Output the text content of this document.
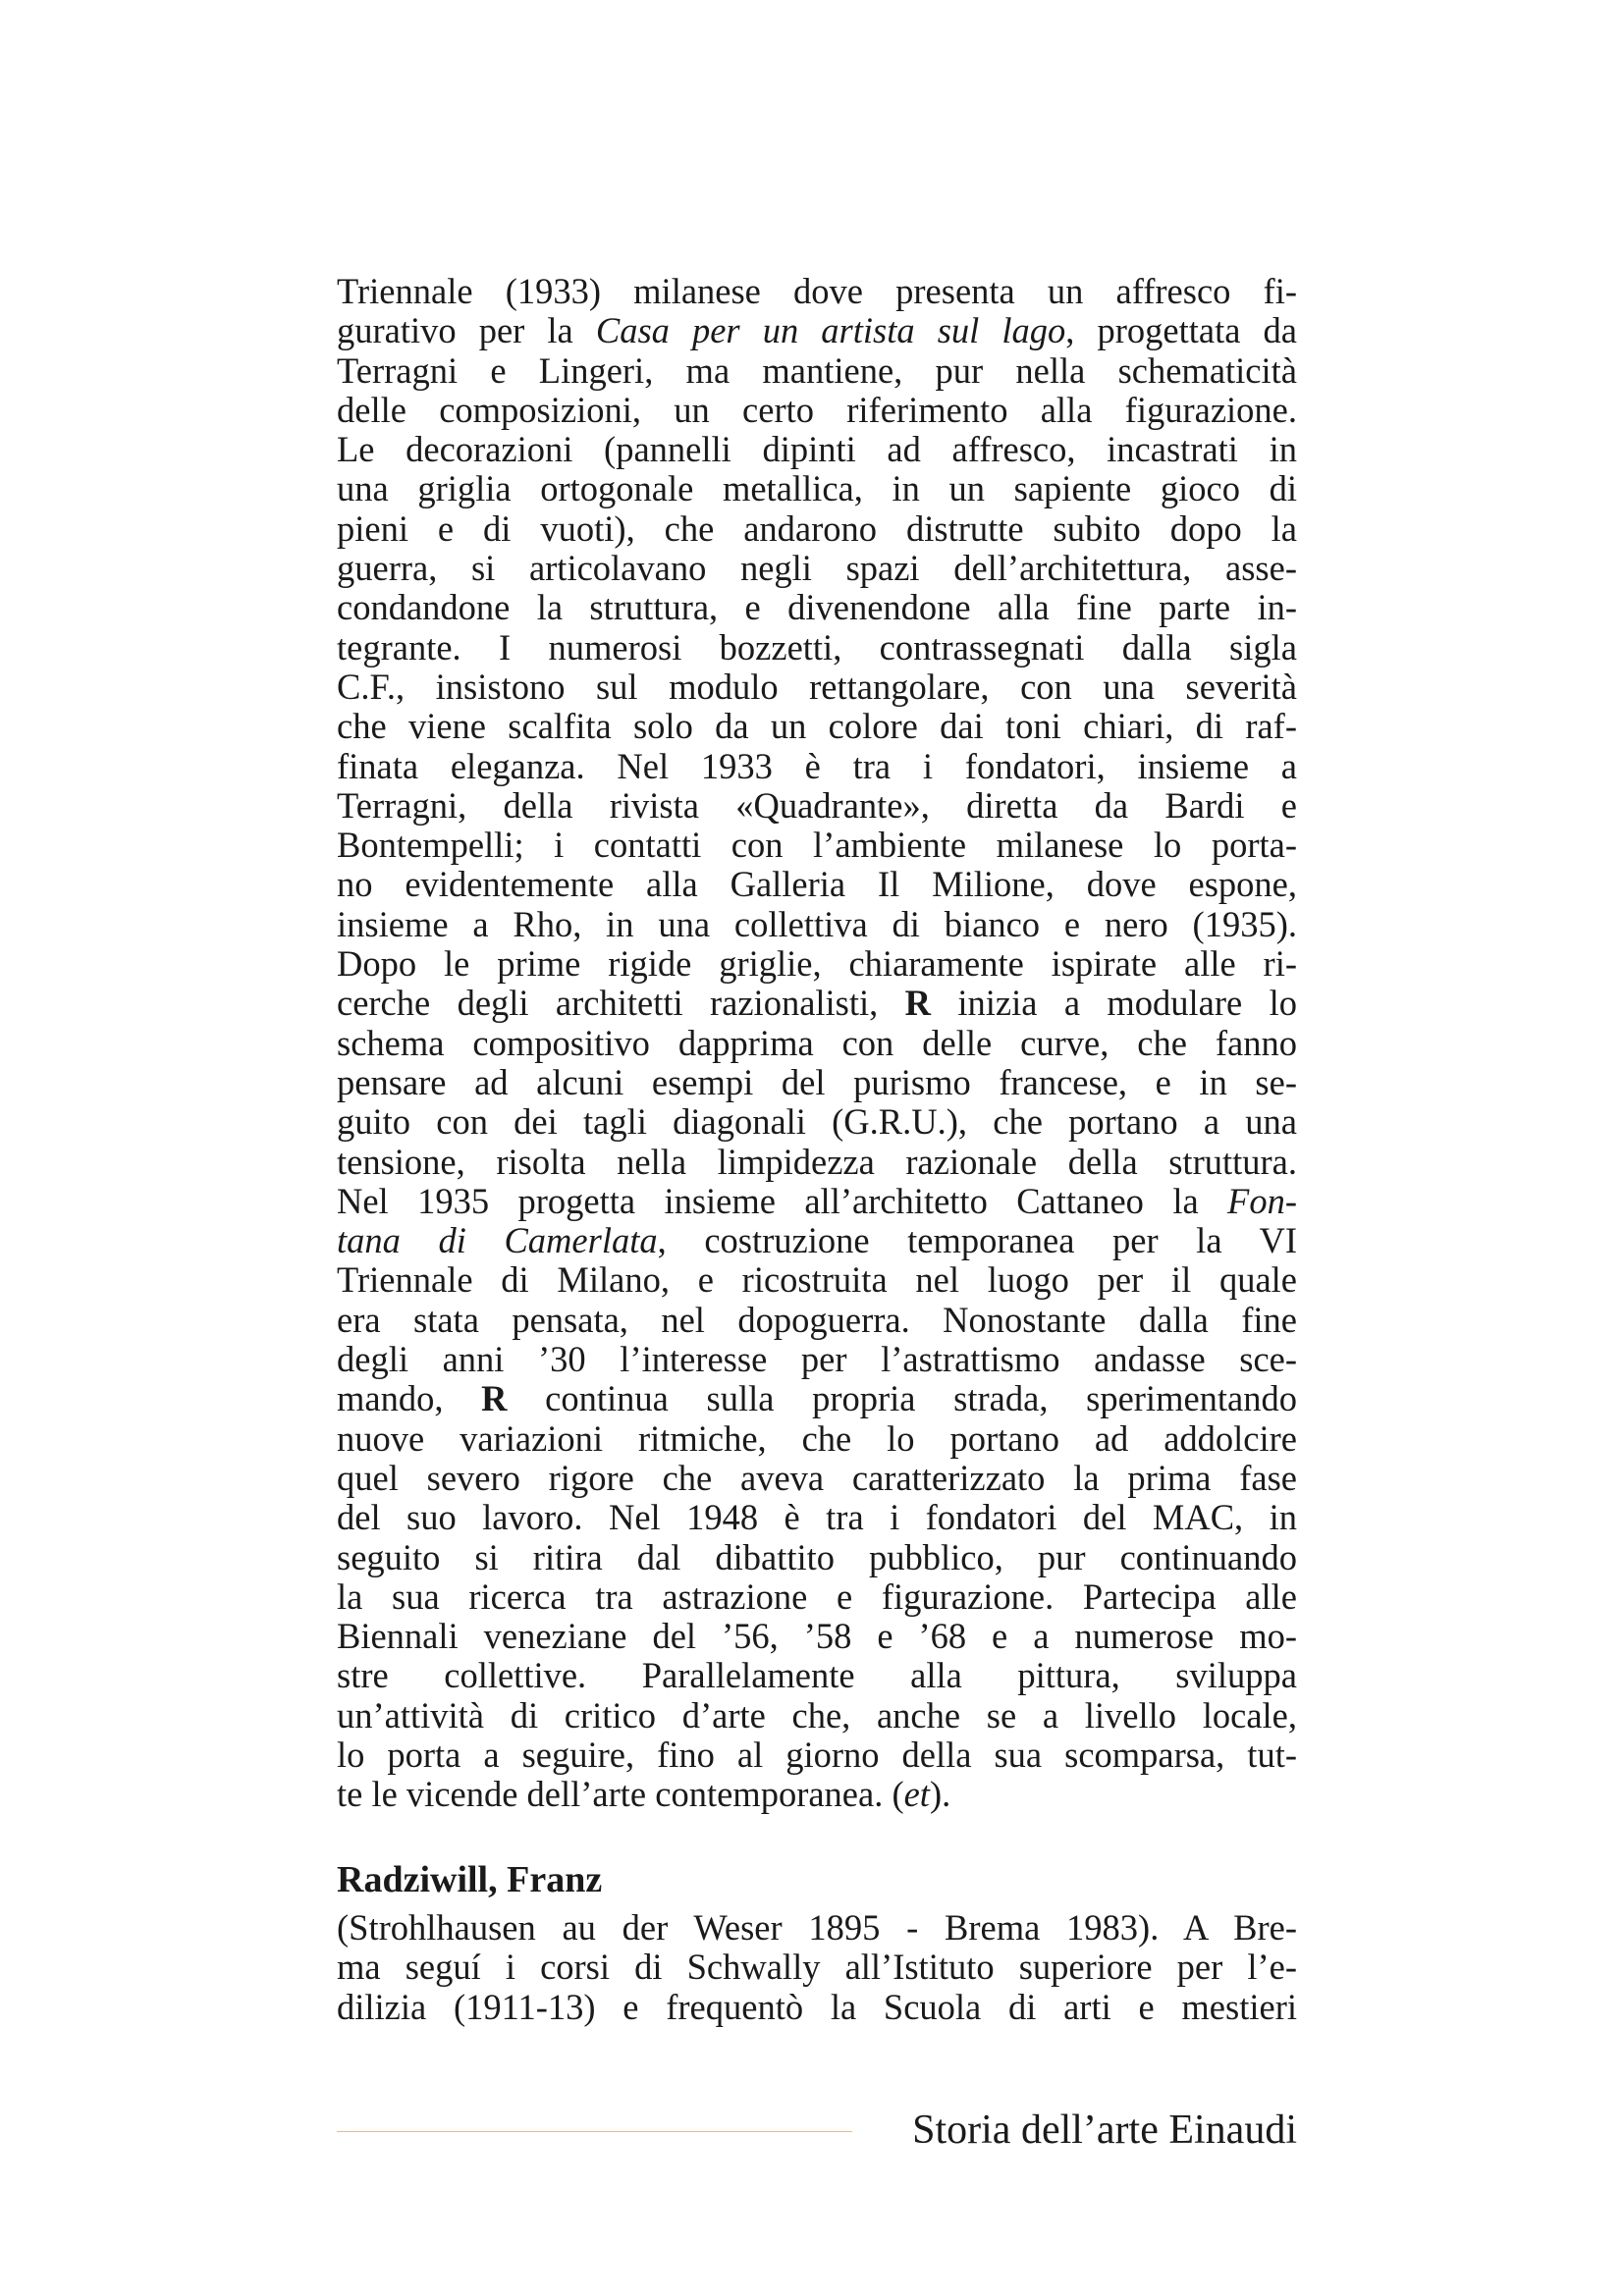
Triennale (1933) milanese dove presenta un affresco fi-
gurativo per la Casa per un artista sul lago, progettata da
Terragni e Lingeri, ma mantiene, pur nella schematicità
delle composizioni, un certo riferimento alla figurazione.
Le decorazioni (pannelli dipinti ad affresco, incastrati in
una griglia ortogonale metallica, in un sapiente gioco di
pieni e di vuoti), che andarono distrutte subito dopo la
guerra, si articolavano negli spazi dell’architettura, asse-
condandone la struttura, e divenendone alla fine parte in-
tegrante. I numerosi bozzetti, contrassegnati dalla sigla
C.F., insistono sul modulo rettangolare, con una severità
che viene scalfita solo da un colore dai toni chiari, di raf-
finata eleganza. Nel 1933 è tra i fondatori, insieme a
Terragni, della rivista «Quadrante», diretta da Bardi e
Bontempelli; i contatti con l’ambiente milanese lo porta-
no evidentemente alla Galleria Il Milione, dove espone,
insieme a Rho, in una collettiva di bianco e nero (1935).
Dopo le prime rigide griglie, chiaramente ispirate alle ri-
cerche degli architetti razionalisti, R inizia a modulare lo
schema compositivo dapprima con delle curve, che fanno
pensare ad alcuni esempi del purismo francese, e in se-
guito con dei tagli diagonali (G.R.U.), che portano a una
tensione, risolta nella limpidezza razionale della struttura.
Nel 1935 progetta insieme all’architetto Cattaneo la Fon-
tana di Camerlata, costruzione temporanea per la VI
Triennale di Milano, e ricostruita nel luogo per il quale
era stata pensata, nel dopoguerra. Nonostante dalla fine
degli anni ’30 l’interesse per l’astrattismo andasse sce-
mando, R continua sulla propria strada, sperimentando
nuove variazioni ritmiche, che lo portano ad addolcire
quel severo rigore che aveva caratterizzato la prima fase
del suo lavoro. Nel 1948 è tra i fondatori del MAC, in
seguito si ritira dal dibattito pubblico, pur continuando
la sua ricerca tra astrazione e figurazione. Partecipa alle
Biennali veneziane del ’56, ’58 e ’68 e a numerose mo-
stre collettive. Parallelamente alla pittura, sviluppa
un’attività di critico d’arte che, anche se a livello locale,
lo porta a seguire, fino al giorno della sua scomparsa, tut-
te le vicende dell’arte contemporanea. (et).
Radziwill, Franz
(Strohlhausen au der Weser 1895 - Brema 1983). A Bre-
ma seguí i corsi di Schwally all’Istituto superiore per l’e-
dilizia (1911-13) e frequentò la Scuola di arti e mestieri
Storia dell’arte Einaudi
